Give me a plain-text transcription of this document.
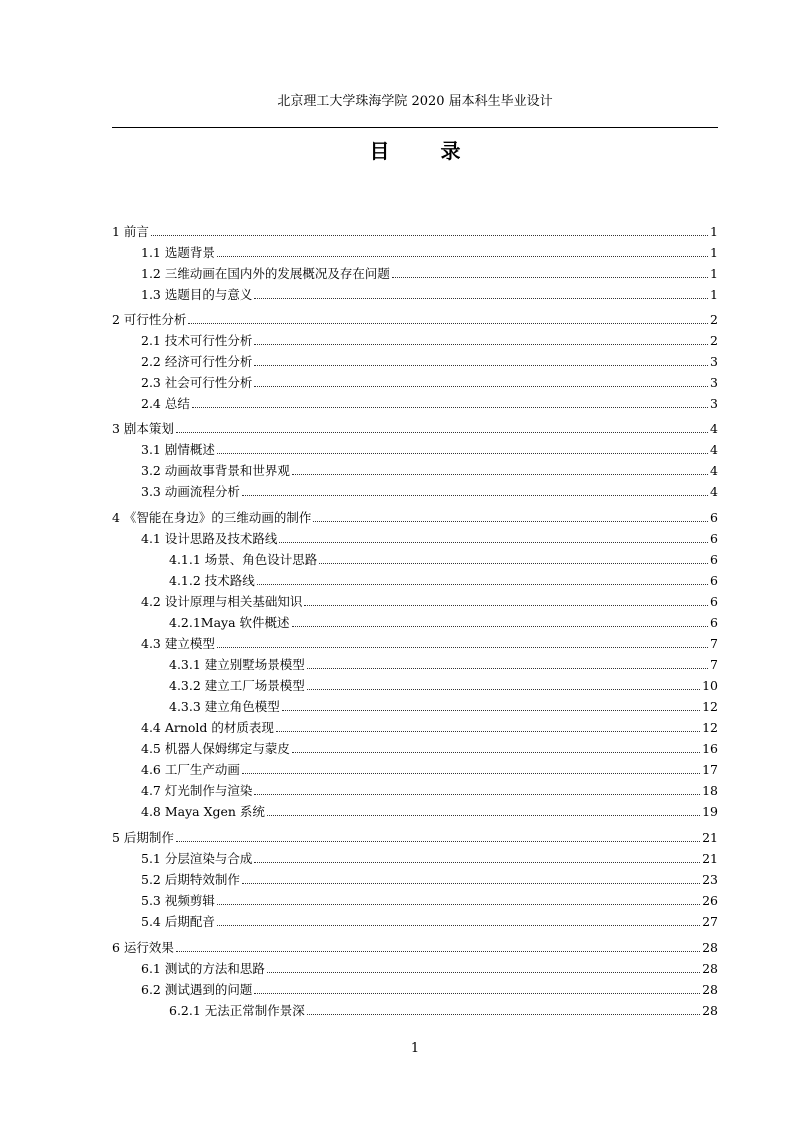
北京理工大学珠海学院 2020 届本科生毕业设计
目 录
1 前言	1
1.1 选题背景	1
1.2 三维动画在国内外的发展概况及存在问题	1
1.3 选题目的与意义	1
2 可行性分析	2
2.1 技术可行性分析	2
2.2 经济可行性分析	3
2.3 社会可行性分析	3
2.4 总结	3
3 剧本策划	4
3.1 剧情概述	4
3.2 动画故事背景和世界观	4
3.3 动画流程分析	4
4 《智能在身边》的三维动画的制作	6
4.1 设计思路及技术路线	6
4.1.1 场景、角色设计思路	6
4.1.2 技术路线	6
4.2 设计原理与相关基础知识	6
4.2.1Maya 软件概述	6
4.3 建立模型	7
4.3.1 建立别墅场景模型	7
4.3.2 建立工厂场景模型	10
4.3.3 建立角色模型	12
4.4 Arnold 的材质表现	12
4.5 机器人保姆绑定与蒙皮	16
4.6 工厂生产动画	17
4.7 灯光制作与渲染	18
4.8 Maya Xgen 系统	19
5 后期制作	21
5.1 分层渲染与合成	21
5.2 后期特效制作	23
5.3 视频剪辑	26
5.4 后期配音	27
6 运行效果	28
6.1 测试的方法和思路	28
6.2 测试遇到的问题	28
6.2.1 无法正常制作景深	28
1
